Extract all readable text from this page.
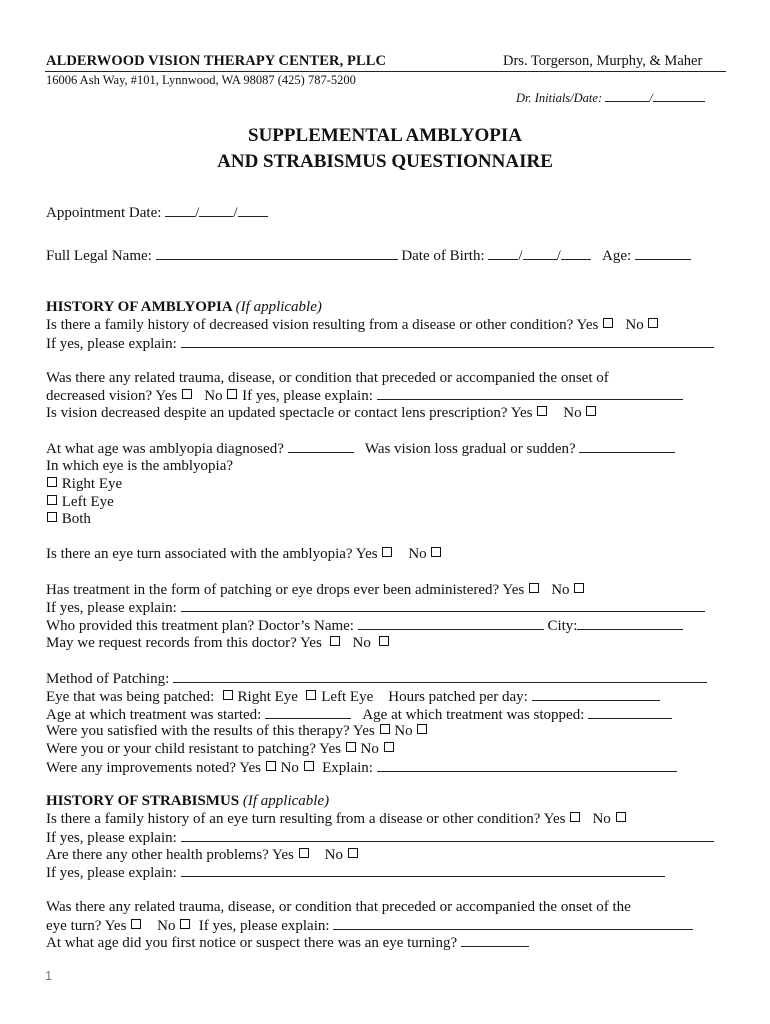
ALDERWOOD VISION THERAPY CENTER, PLLC	Drs. Torgerson, Murphy, & Maher
16006 Ash Way, #101, Lynnwood, WA 98087 (425) 787-5200
Dr. Initials/Date:	/
SUPPLEMENTAL AMBLYOPIA
AND STRABISMUS QUESTIONNAIRE
Appointment Date: / /
Full Legal Name:	Date of Birth: / /	Age:
HISTORY OF AMBLYOPIA (If applicable)
Is there a family history of decreased vision resulting from a disease or other condition? Yes No
If yes, please explain:
Was there any related trauma, disease, or condition that preceded or accompanied the onset of
decreased vision? Yes No If yes, please explain:
Is vision decreased despite an updated spectacle or contact lens prescription? Yes No
At what age was amblyopia diagnosed?	Was vision loss gradual or sudden?
In which eye is the amblyopia?
Right Eye
Left Eye
Both
Is there an eye turn associated with the amblyopia? Yes No
Has treatment in the form of patching or eye drops ever been administered? Yes No
If yes, please explain:
Who provided this treatment plan? Doctor’s Name:	City:
May we request records from this doctor? Yes No
Method of Patching:
Eye that was being patched: Right Eye Left Eye Hours patched per day:
Age at which treatment was started:	Age at which treatment was stopped:
Were you satisfied with the results of this therapy? Yes No
Were you or your child resistant to patching? Yes No
Were any improvements noted? Yes No Explain:
HISTORY OF STRABISMUS (If applicable)
Is there a family history of an eye turn resulting from a disease or other condition? Yes No
If yes, please explain:
Are there any other health problems? Yes No
If yes, please explain:
Was there any related trauma, disease, or condition that preceded or accompanied the onset of the
eye turn? Yes No If yes, please explain:
At what age did you first notice or suspect there was an eye turning?
1
